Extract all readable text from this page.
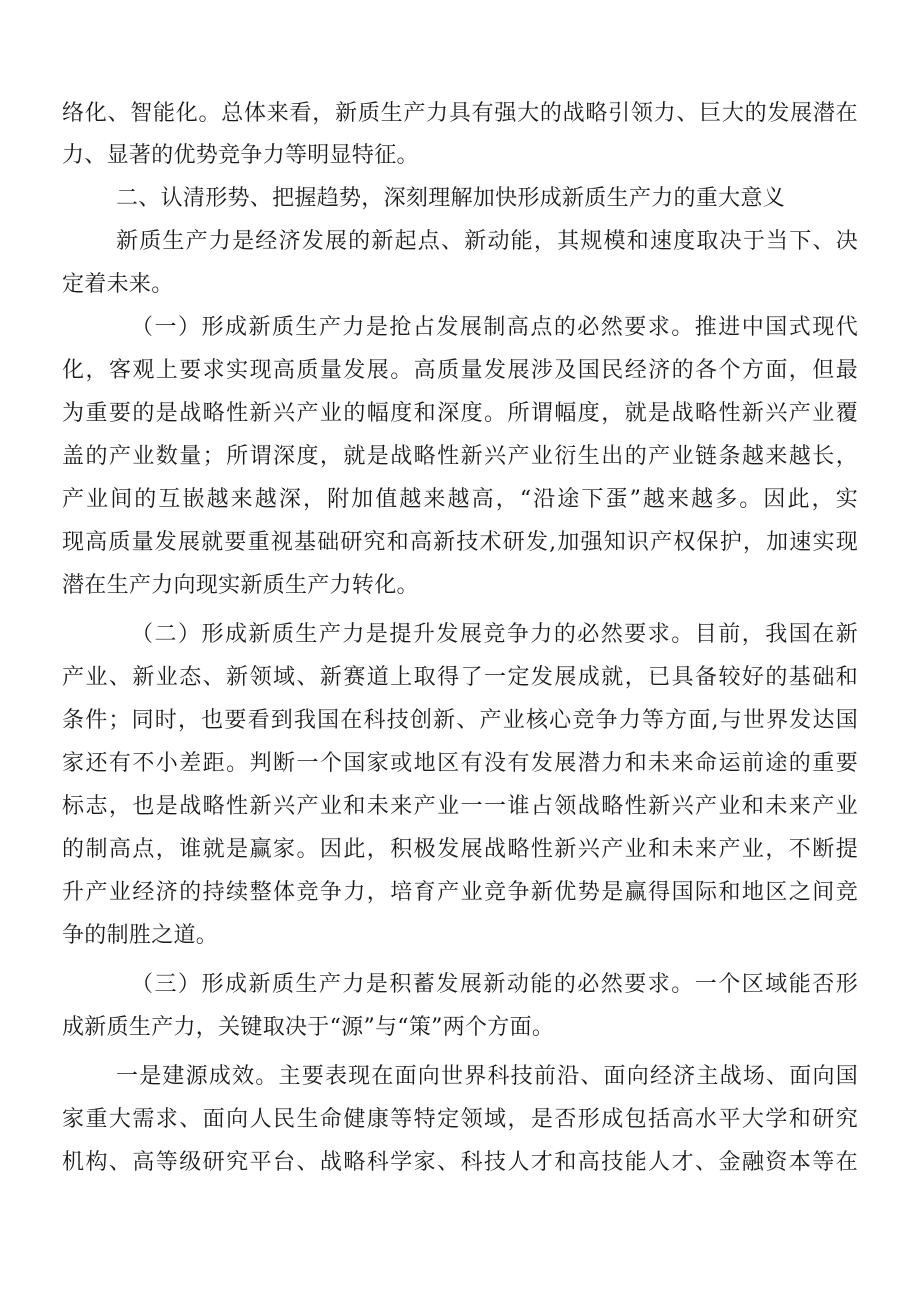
络化、智能化。总体来看，新质生产力具有强大的战略引领力、巨大的发展潜在
力、显著的优势竞争力等明显特征。
二、认清形势、把握趋势，深刻理解加快形成新质生产力的重大意义
新质生产力是经济发展的新起点、新动能，其规模和速度取决于当下、决
定着未来。
（一）形成新质生产力是抢占发展制高点的必然要求。推进中国式现代
化，客观上要求实现高质量发展。高质量发展涉及国民经济的各个方面，但最
为重要的是战略性新兴产业的幅度和深度。所谓幅度，就是战略性新兴产业覆
盖的产业数量；所谓深度，就是战略性新兴产业衍生出的产业链条越来越长，
产业间的互嵌越来越深，附加值越来越高，“沿途下蛋”越来越多。因此，实
现高质量发展就要重视基础研究和高新技术研发,加强知识产权保护，加速实现
潜在生产力向现实新质生产力转化。
（二）形成新质生产力是提升发展竞争力的必然要求。目前，我国在新
产业、新业态、新领域、新赛道上取得了一定发展成就，已具备较好的基础和
条件；同时，也要看到我国在科技创新、产业核心竞争力等方面,与世界发达国
家还有不小差距。判断一个国家或地区有没有发展潜力和未来命运前途的重要
标志，也是战略性新兴产业和未来产业一一谁占领战略性新兴产业和未来产业
的制高点，谁就是赢家。因此，积极发展战略性新兴产业和未来产业，不断提
升产业经济的持续整体竞争力，培育产业竞争新优势是赢得国际和地区之间竞
争的制胜之道。
（三）形成新质生产力是积蓄发展新动能的必然要求。一个区域能否形
成新质生产力，关键取决于“源”与“策”两个方面。
一是建源成效。主要表现在面向世界科技前沿、面向经济主战场、面向国
家重大需求、面向人民生命健康等特定领域，是否形成包括高水平大学和研究
机构、高等级研究平台、战略科学家、科技人才和高技能人才、金融资本等在
